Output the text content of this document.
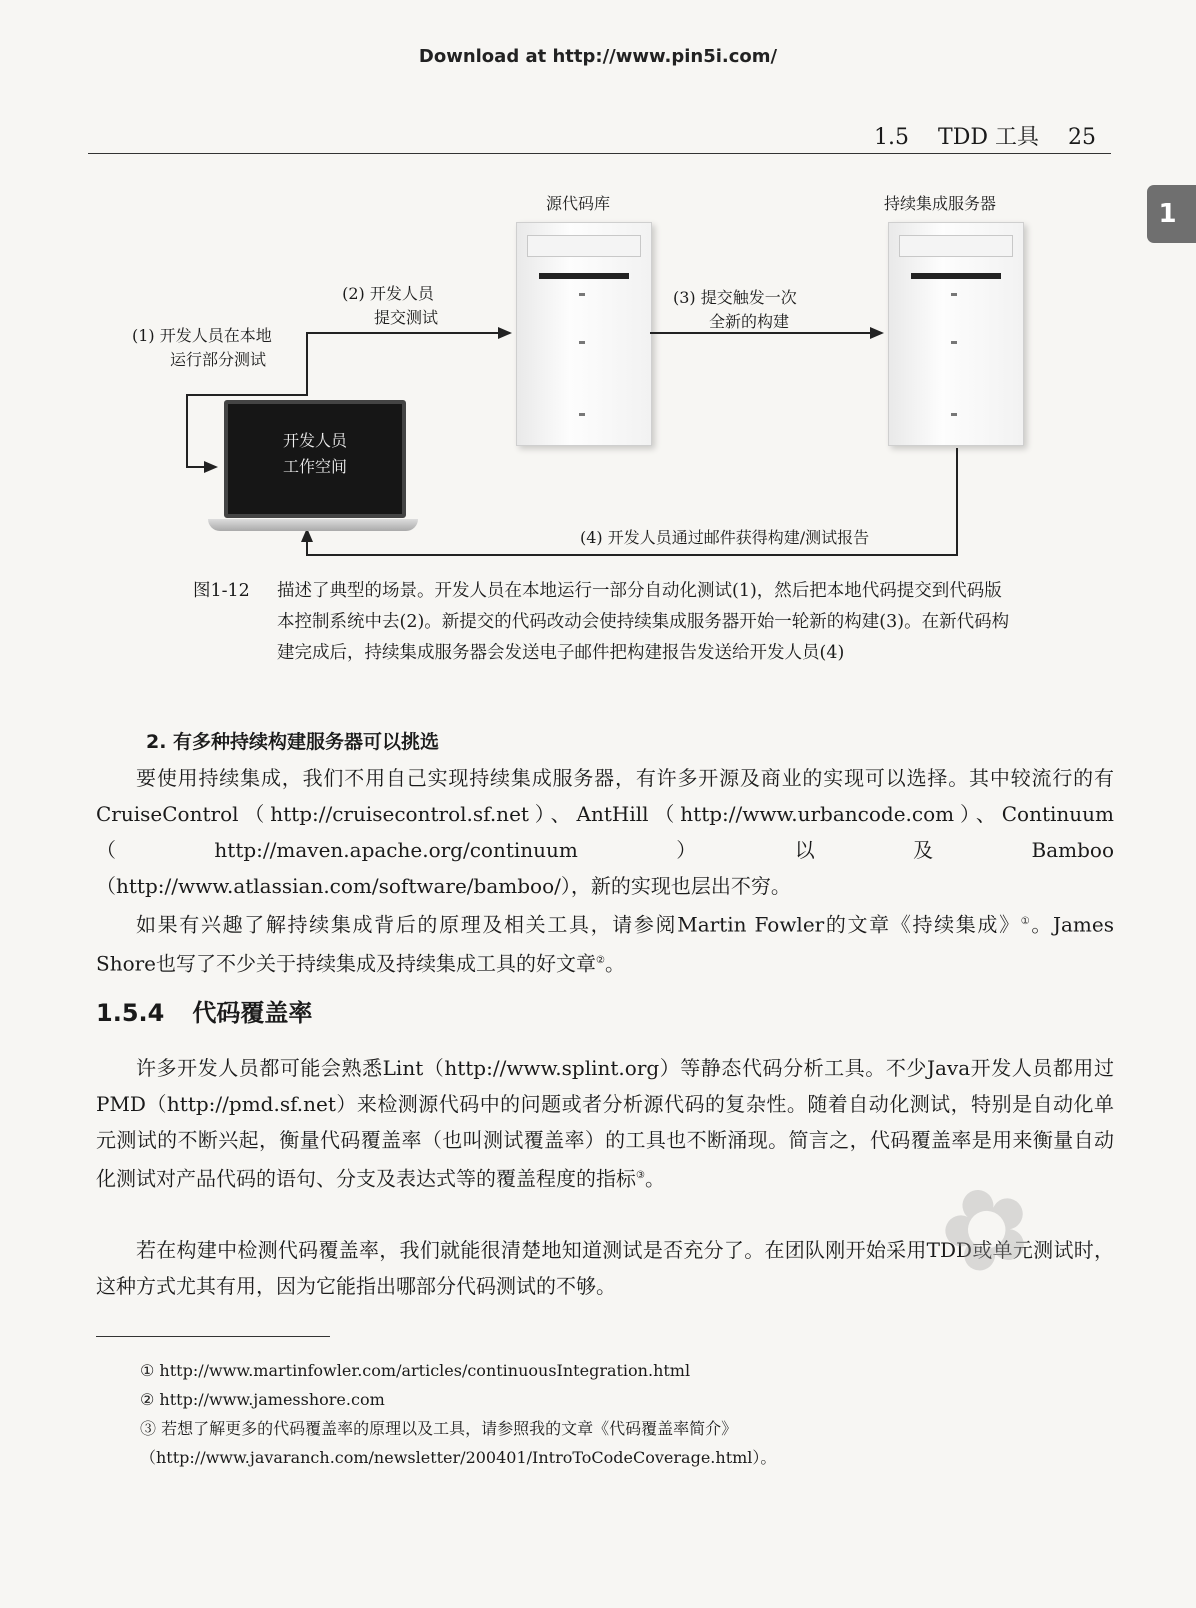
Download at http://www.pin5i.com/
1.5 TDD 工具 25
1
源代码库	持续集成服务器
(1) 开发人员在本地
运行部分测试
(2) 开发人员
提交测试
(3) 提交触发一次
全新的构建
(4) 开发人员通过邮件获得构建/测试报告
开发人员
工作空间
图1-12 描述了典型的场景。开发人员在本地运行一部分自动化测试(1)，然后把本地代码提交到代码版本控制系统中去(2)。新提交的代码改动会使持续集成服务器开始一轮新的构建(3)。在新代码构建完成后，持续集成服务器会发送电子邮件把构建报告发送给开发人员(4)
2. 有多种持续构建服务器可以挑选
要使用持续集成，我们不用自己实现持续集成服务器，有许多开源及商业的实现可以选择。其中较流行的有CruiseControl（http://cruisecontrol.sf.net）、AntHill（http://www.urbancode.com）、Continuum（http://maven.apache.org/continuum）以及Bamboo（http://www.atlassian.com/software/bamboo/），新的实现也层出不穷。
如果有兴趣了解持续集成背后的原理及相关工具，请参阅Martin Fowler的文章《持续集成》①。James Shore也写了不少关于持续集成及持续集成工具的好文章②。
1.5.4 代码覆盖率
许多开发人员都可能会熟悉Lint（http://www.splint.org）等静态代码分析工具。不少Java开发人员都用过PMD（http://pmd.sf.net）来检测源代码中的问题或者分析源代码的复杂性。随着自动化测试，特别是自动化单元测试的不断兴起，衡量代码覆盖率（也叫测试覆盖率）的工具也不断涌现。简言之，代码覆盖率是用来衡量自动化测试对产品代码的语句、分支及表达式等的覆盖程度的指标③。
若在构建中检测代码覆盖率，我们就能很清楚地知道测试是否充分了。在团队刚开始采用TDD或单元测试时，这种方式尤其有用，因为它能指出哪部分代码测试的不够。
① http://www.martinfowler.com/articles/continuousIntegration.html
② http://www.jamesshore.com
③ 若想了解更多的代码覆盖率的原理以及工具，请参照我的文章《代码覆盖率简介》（http://www.javaranch.com/newsletter/200401/IntroToCodeCoverage.html）。
✿
